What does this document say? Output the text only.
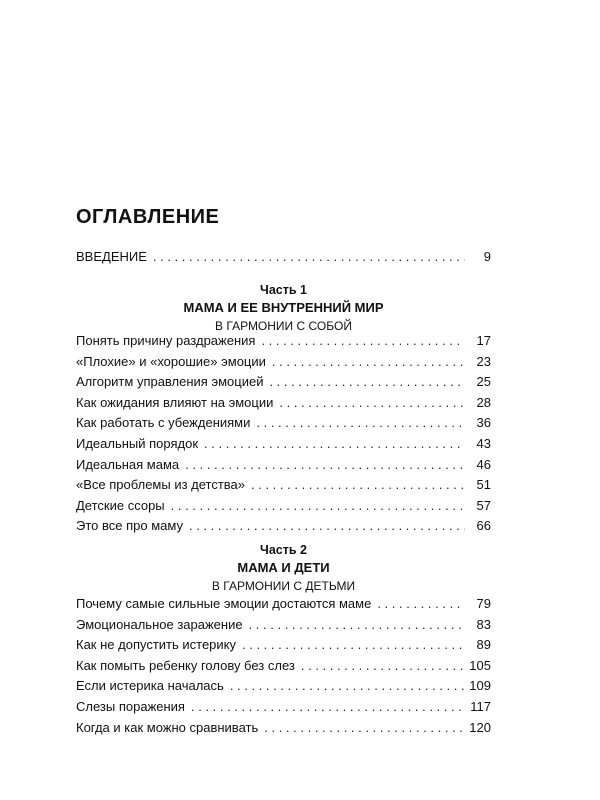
ОГЛАВЛЕНИЕ
ВВЕДЕНИЕ . . .	9
Часть 1
МАМА И ЕЕ ВНУТРЕННИЙ МИР
В ГАРМОНИИ С СОБОЙ
Понять причину раздражения . . .	17
«Плохие» и «хорошие» эмоции . . .	23
Алгоритм управления эмоцией . . .	25
Как ожидания влияют на эмоции . . .	28
Как работать с убеждениями . . .	36
Идеальный порядок . . .	43
Идеальная мама . . .	46
«Все проблемы из детства» . . .	51
Детские ссоры . . .	57
Это все про маму . . .	66
Часть 2
МАМА И ДЕТИ
В ГАРМОНИИ С ДЕТЬМИ
Почему самые сильные эмоции достаются маме . . .	79
Эмоциональное заражение . . .	83
Как не допустить истерику . . .	89
Как помыть ребенку голову без слез . . .	105
Если истерика началась . . .	109
Слезы поражения . . .	117
Когда и как можно сравнивать . . .	120
